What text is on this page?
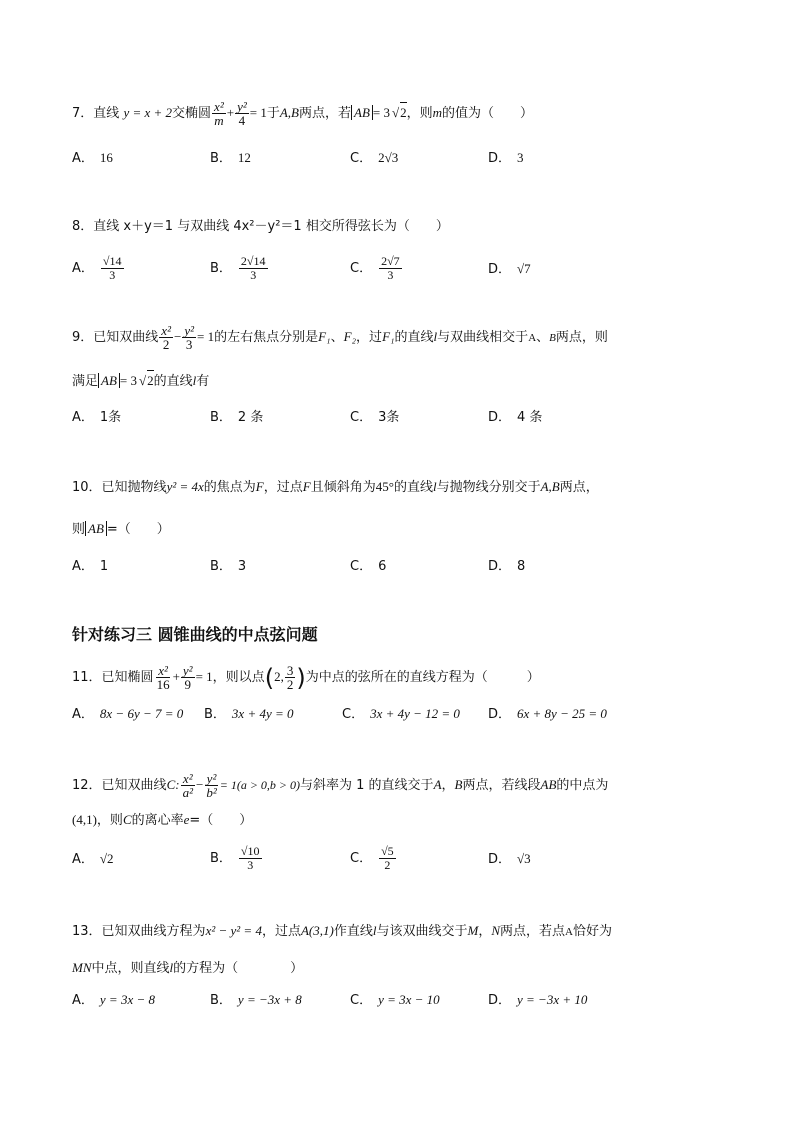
7．直线 y = x + 2交椭圆 $\frac{\text{x²}}{m} + \frac{\text{y²}}{4} = 1$于A,B两点，若 AB = 3 √ 2，则m的值为（　　）
A． 16	B． 12	C． 2√3	D． 3
8．直线 x＋y＝1 与双曲线 4x²－y²＝1 相交所得弦长为（　　）
A． $\frac{√14}{3}$	B． $\frac{2√14}{3}$	C． $\frac{2√7}{3}$	D． √7
9．已知双曲线 $\frac{\text{x²}}{2} - \frac{\text{y²}}{3} = 1$的左右焦点分别是F₁、F₂，过F₁的直线l与双曲线相交于A、B两点，则
满足 AB = 3 √ 2的直线l有
A． 1条	B． 2 条	C． 3条	D． 4 条
10．已知抛物线y² = 4x的焦点为F，过点F且倾斜角为45°的直线l与抛物线分别交于A,B两点，
则 AB =（　　）
A． 1	B． 3	C． 6	D． 8
针对练习三 圆锥曲线的中点弦问题
11．已知椭圆 $\frac{\text{x²}}{16} + \frac{\text{y²}}{9} = 1$，则以点(2, $\frac{3}{2}$ )为中点的弦所在的直线方程为（　　　）
A． 8x − 6y − 7 = 0 B． 3x + 4y = 0	C． 3x + 4y − 12 = 0 D． 6x + 8y − 25 = 0
12．已知双曲线C: $\frac{\text{x²}}{\text{a²}} - \frac{\text{y²}}{\text{b²}} = 1(a > 0,b > 0)$与斜率为 1 的直线交于A，B两点，若线段AB的中点为
(4,1)，则C的离心率e=（　　）
A． √2	B． $\frac{√10}{3}$	C． $\frac{√5}{2}$	D． √3
13．已知双曲线方程为x² − y² = 4，过点A(3,1)作直线l与该双曲线交于M，N两点，若点A恰好为
MN中点，则直线l的方程为（　　　　）
A． y = 3x − 8	B． y = −3x + 8	C． y = 3x − 10	D． y = −3x + 10
